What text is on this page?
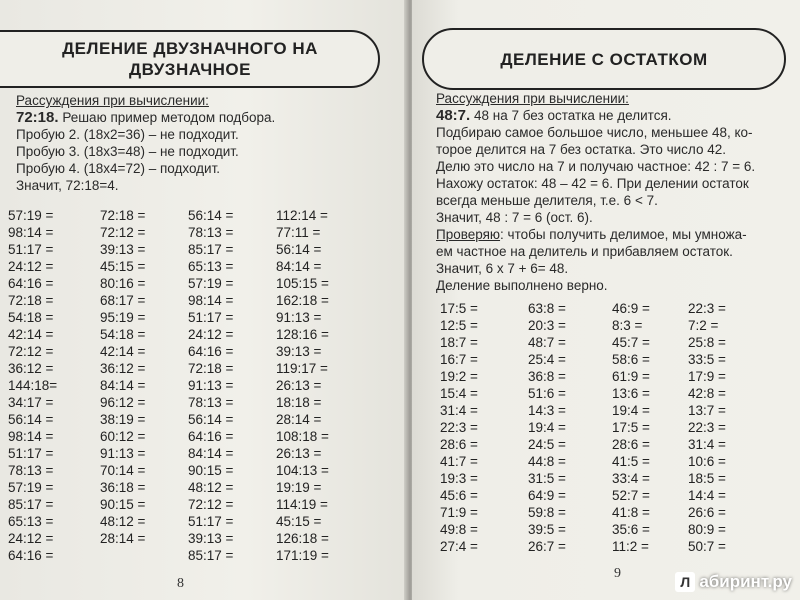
ДЕЛЕНИЕ ДВУЗНАЧНОГО НА ДВУЗНАЧНОЕ
Рассуждения при вычислении:
72:18. Решаю пример методом подбора.
Пробую 2. (18х2=36) – не подходит.
Пробую 3. (18х3=48) – не подходит.
Пробую 4. (18х4=72) – подходит.
Значит, 72:18=4.
57:19 =
98:14 =
51:17 =
24:12 =
64:16 =
72:18 =
54:18 =
42:14 =
72:12 =
36:12 =
144:18=
34:17 =
56:14 =
98:14 =
51:17 =
78:13 =
57:19 =
85:17 =
65:13 =
24:12 =
64:16 =
72:18 =
72:12 =
39:13 =
45:15 =
80:16 =
68:17 =
95:19 =
54:18 =
42:14 =
36:12 =
84:14 =
96:12 =
38:19 =
60:12 =
91:13 =
70:14 =
36:18 =
90:15 =
48:12 =
28:14 =
56:14 =
78:13 =
85:17 =
65:13 =
57:19 =
98:14 =
51:17 =
24:12 =
64:16 =
72:18 =
91:13 =
78:13 =
56:14 =
64:16 =
84:14 =
90:15 =
48:12 =
72:12 =
51:17 =
39:13 =
85:17 =
112:14 =
77:11 =
56:14 =
84:14 =
105:15 =
162:18 =
91:13 =
128:16 =
39:13 =
119:17 =
26:13 =
18:18 =
28:14 =
108:18 =
26:13 =
104:13 =
19:19 =
114:19 =
45:15 =
126:18 =
171:19 =
8
ДЕЛЕНИЕ С ОСТАТКОМ
Рассуждения при вычислении:
48:7. 48 на 7 без остатка не делится.
Подбираю самое большое число, меньшее 48, ко-
торое делится на 7 без остатка. Это число 42.
Делю это число на 7 и получаю частное: 42 : 7 = 6.
Нахожу остаток: 48 – 42 = 6. При делении остаток
всегда меньше делителя, т.е. 6 < 7.
Значит, 48 : 7 = 6 (ост. 6).
Проверяю: чтобы получить делимое, мы умножа-
ем частное на делитель и прибавляем остаток.
Значит, 6 х 7 + 6= 48.
Деление выполнено верно.
17:5 =
12:5 =
18:7 =
16:7 =
19:2 =
15:4 =
31:4 =
22:3 =
28:6 =
41:7 =
19:3 =
45:6 =
71:9 =
49:8 =
27:4 =
63:8 =
20:3 =
48:7 =
25:4 =
36:8 =
51:6 =
14:3 =
19:4 =
24:5 =
44:8 =
31:5 =
64:9 =
59:8 =
39:5 =
26:7 =
46:9 =
8:3 =
45:7 =
58:6 =
61:9 =
13:6 =
19:4 =
17:5 =
28:6 =
41:5 =
33:4 =
52:7 =
41:8 =
35:6 =
11:2 =
22:3 =
7:2 =
25:8 =
33:5 =
17:9 =
42:8 =
13:7 =
22:3 =
31:4 =
10:6 =
18:5 =
14:4 =
26:6 =
80:9 =
50:7 =
9
Л абиринт.ру
